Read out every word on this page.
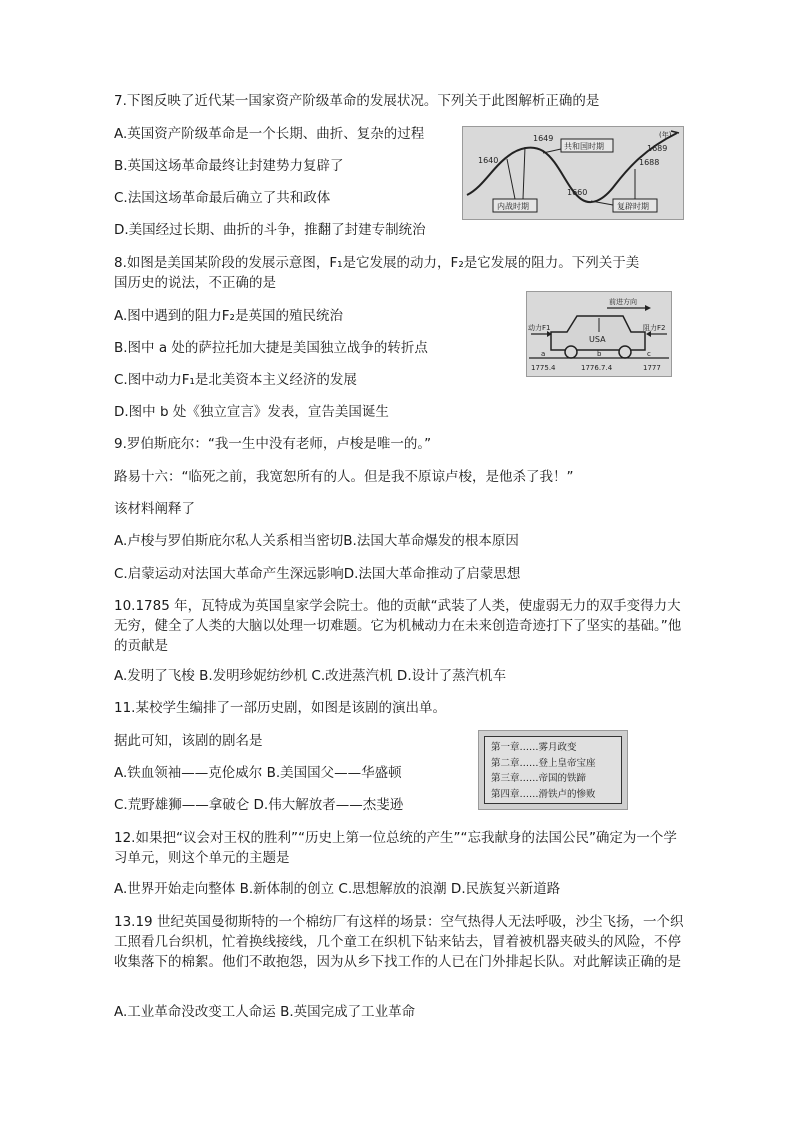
7.下图反映了近代某一国家资产阶级革命的发展状况。下列关于此图解析正确的是

A.英国资产阶级革命是一个长期、曲折、复杂的过程

B.英国这场革命最终让封建势力复辟了

C.法国这场革命最后确立了共和政体

D.美国经过长期、曲折的斗争，推翻了封建专制统治

(年)
1640
1649
1660
1688
1689
共和国时期
内战时期	复辟时期

8.如图是美国某阶段的发展示意图，F₁是它发展的动力，F₂是它发展的阻力。下列关于美

国历史的说法，不正确的是

A.图中遇到的阻力F₂是英国的殖民统治

B.图中 a 处的萨拉托加大捷是美国独立战争的转折点

C.图中动力F₁是北美资本主义经济的发展

D.图中 b 处《独立宣言》发表，宣告美国诞生

前进方向
USA
动力F1	阻力F2
a	b	c
1775.4	1776.7.4	1777

9.罗伯斯庇尔：“我一生中没有老师，卢梭是唯一的。”

路易十六：“临死之前，我宽恕所有的人。但是我不原谅卢梭，是他杀了我！”

该材料阐释了

A.卢梭与罗伯斯庇尔私人关系相当密切B.法国大革命爆发的根本原因

C.启蒙运动对法国大革命产生深远影响D.法国大革命推动了启蒙思想

10.1785 年，瓦特成为英国皇家学会院士。他的贡献“武装了人类，使虚弱无力的双手变得力大无穷，健全了人类的大脑以处理一切难题。它为机械动力在未来创造奇迹打下了坚实的基础。”他的贡献是

A.发明了飞梭 B.发明珍妮纺纱机 C.改进蒸汽机 D.设计了蒸汽机车

11.某校学生编排了一部历史剧，如图是该剧的演出单。

据此可知，该剧的剧名是

A.铁血领袖——克伦威尔 B.美国国父——华盛顿

C.荒野雄狮——拿破仑 D.伟大解放者——杰斐逊

第一章……雾月政变
第二章……登上皇帝宝座
第三章……帝国的铁蹄
第四章……滑铁卢的惨败

12.如果把“议会对王权的胜利”“历史上第一位总统的产生”“忘我献身的法国公民”确定为一个学习单元，则这个单元的主题是

A.世界开始走向整体 B.新体制的创立 C.思想解放的浪潮 D.民族复兴新道路

13.19 世纪英国曼彻斯特的一个棉纺厂有这样的场景：空气热得人无法呼吸，沙尘飞扬，一个织工照看几台织机，忙着换线接线，几个童工在织机下钻来钻去，冒着被机器夹破头的风险，不停收集落下的棉絮。他们不敢抱怨，因为从乡下找工作的人已在门外排起长队。对此解读正确的是

A.工业革命没改变工人命运 B.英国完成了工业革命
